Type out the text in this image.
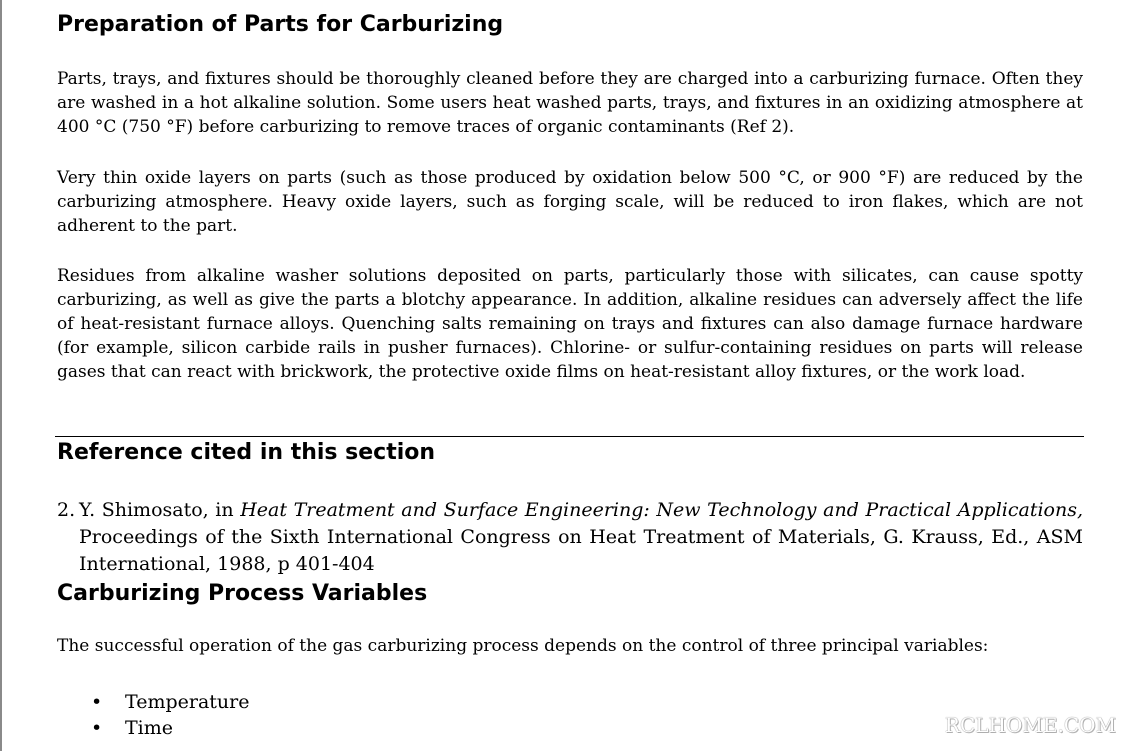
Preparation of Parts for Carburizing

Parts, trays, and fixtures should be thoroughly cleaned before they are charged into a carburizing furnace. Often they are washed in a hot alkaline solution. Some users heat washed parts, trays, and fixtures in an oxidizing atmosphere at 400 °C (750 °F) before carburizing to remove traces of organic contaminants (Ref 2).

Very thin oxide layers on parts (such as those produced by oxidation below 500 °C, or 900 °F) are reduced by the carburizing atmosphere. Heavy oxide layers, such as forging scale, will be reduced to iron flakes, which are not adherent to the part.

Residues from alkaline washer solutions deposited on parts, particularly those with silicates, can cause spotty carburizing, as well as give the parts a blotchy appearance. In addition, alkaline residues can adversely affect the life of heat-resistant furnace alloys. Quenching salts remaining on trays and fixtures can also damage furnace hardware (for example, silicon carbide rails in pusher furnaces). Chlorine- or sulfur-containing residues on parts will release gases that can react with brickwork, the protective oxide films on heat-resistant alloy fixtures, or the work load.

Reference cited in this section
2. Y. Shimosato, in Heat Treatment and Surface Engineering: New Technology and Practical Applications, Proceedings of the Sixth International Congress on Heat Treatment of Materials, G. Krauss, Ed., ASM International, 1988, p 401-404
Carburizing Process Variables

The successful operation of the gas carburizing process depends on the control of three principal variables:

• Temperature
• Time	RCLHOME.COM
